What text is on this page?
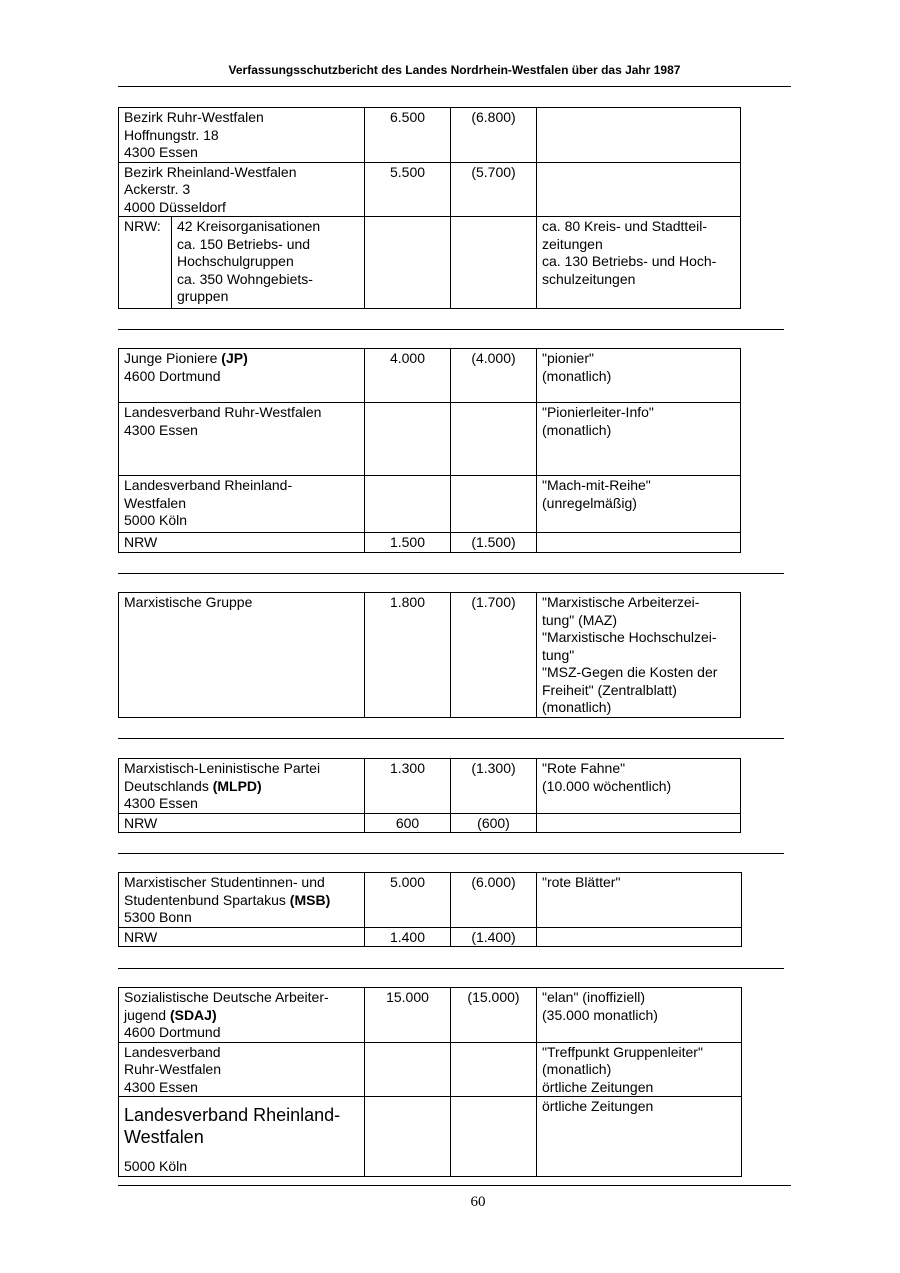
Verfassungsschutzbericht des Landes Nordrhein-Westfalen über das Jahr 1987
Bezirk Ruhr-Westfalen
Hoffnungstr. 18
4300 Essen		6.500	(6.800)	

Bezirk Rheinland-Westfalen
Ackerstr. 3
4000 Düsseldorf		5.500	(5.700)	
NRW:	42 Kreisorganisationen
ca. 150 Betriebs- und
Hochschulgruppen
ca. 350 Wohngebiets-
gruppen			ca. 80 Kreis- und Stadtteil-
zeitungen
ca. 130 Betriebs- und Hoch-
schulzeitungen
Junge Pioniere (JP)
4600 Dortmund	4.000	(4.000)	"pionier"
(monatlich)

Landesverband Ruhr-Westfalen
4300 Essen			"Pionierleiter-Info"
(monatlich)

Landesverband Rheinland-
Westfalen
5000 Köln			"Mach-mit-Reihe"
(unregelmäßig)

NRW	1.500	(1.500)	
Marxistische Gruppe	1.800	(1.700)	"Marxistische Arbeiterzei-
tung" (MAZ)
"Marxistische Hochschulzei-
tung"
"MSZ-Gegen die Kosten der
Freiheit" (Zentralblatt)
(monatlich)
Marxistisch-Leninistische Partei
Deutschlands (MLPD)
4300 Essen	1.300	(1.300)	"Rote Fahne"
(10.000 wöchentlich)

NRW	600	(600)	
Marxistischer Studentinnen- und
Studentenbund Spartakus (MSB)
5300 Bonn	5.000	(6.000)	"rote Blätter"

NRW	1.400	(1.400)	
Sozialistische Deutsche Arbeiter-
jugend (SDAJ)
4600 Dortmund	15.000	(15.000)	"elan" (inoffiziell)
(35.000 monatlich)

Landesverband
Ruhr-Westfalen
4300 Essen			"Treffpunkt Gruppenleiter"
(monatlich)
örtliche Zeitungen

Landesverband Rheinland-
Westfalen
5000 Köln			örtliche Zeitungen
60
